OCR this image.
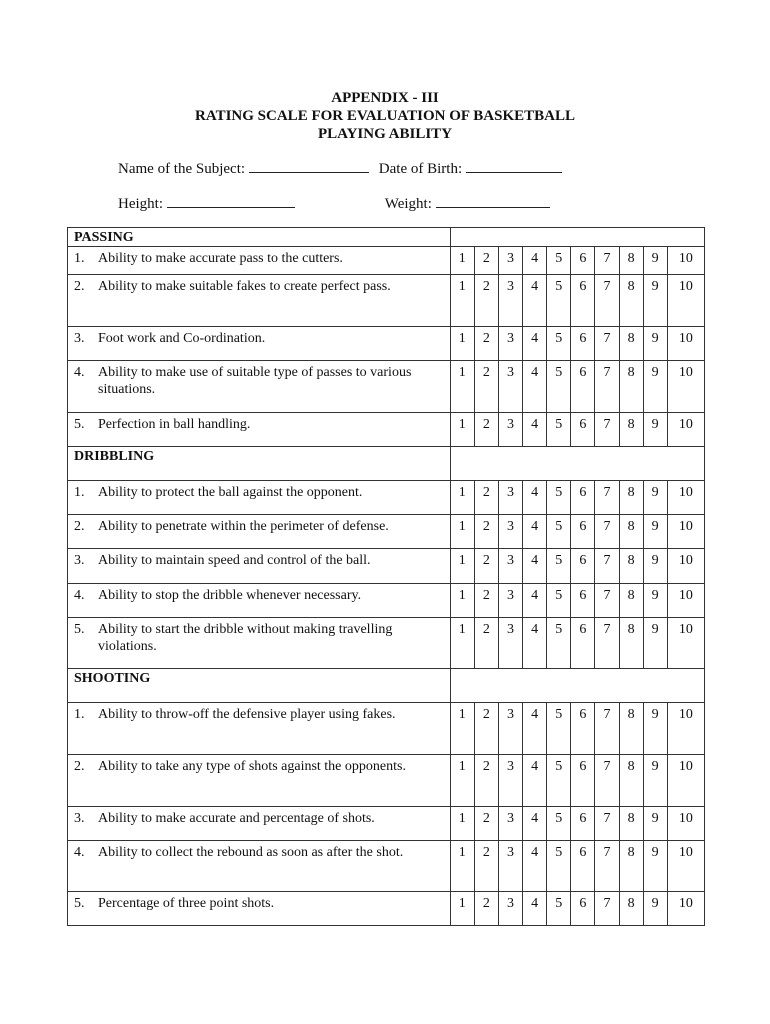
APPENDIX - III
RATING SCALE FOR EVALUATION OF BASKETBALL
PLAYING ABILITY
Name of the Subject:	Date of Birth:
Height:	Weight:
PASSING										
1. Ability to make accurate pass to the cutters.	1	2	3	4	5	6	7	8	9	10
2. Ability to make suitable fakes to create perfect pass.	1	2	3	4	5	6	7	8	9	10
3. Foot work and Co-ordination.	1	2	3	4	5	6	7	8	9	10
4. Ability to make use of suitable type of passes to various situations.	1	2	3	4	5	6	7	8	9	10
5. Perfection in ball handling.	1	2	3	4	5	6	7	8	9	10
DRIBBLING										
1. Ability to protect the ball against the opponent.	1	2	3	4	5	6	7	8	9	10
2. Ability to penetrate within the perimeter of defense.	1	2	3	4	5	6	7	8	9	10
3. Ability to maintain speed and control of the ball.	1	2	3	4	5	6	7	8	9	10
4. Ability to stop the dribble whenever necessary.	1	2	3	4	5	6	7	8	9	10
5. Ability to start the dribble without making travelling violations.	1	2	3	4	5	6	7	8	9	10
SHOOTING										
1. Ability to throw-off the defensive player using fakes.	1	2	3	4	5	6	7	8	9	10
2. Ability to take any type of shots against the opponents.	1	2	3	4	5	6	7	8	9	10
3. Ability to make accurate and percentage of shots.	1	2	3	4	5	6	7	8	9	10
4. Ability to collect the rebound as soon as after the shot.	1	2	3	4	5	6	7	8	9	10
5. Percentage of three point shots.	1	2	3	4	5	6	7	8	9	10
